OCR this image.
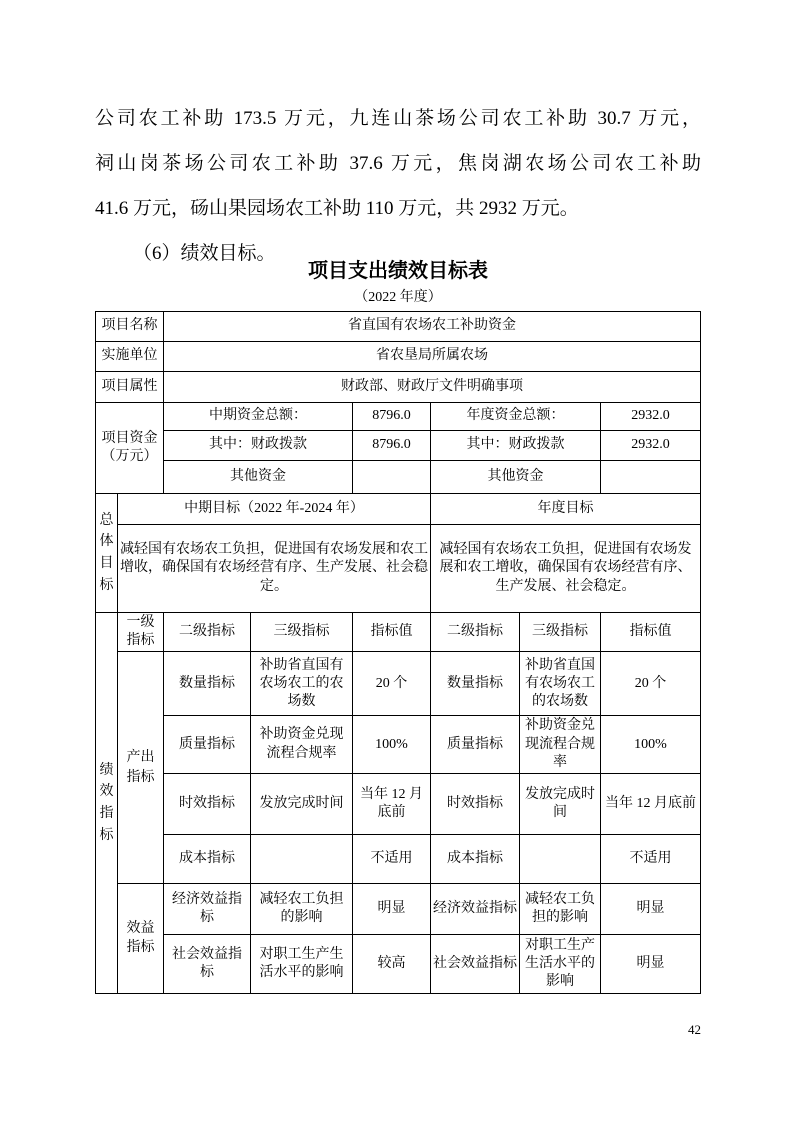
公司农工补助 173.5 万元，九连山茶场公司农工补助 30.7 万元，
祠山岗茶场公司农工补助 37.6 万元，焦岗湖农场公司农工补助
41.6 万元，砀山果园场农工补助 110 万元，共 2932 万元。
（6）绩效目标。
项目支出绩效目标表
（2022 年度）
项目名称		省直国有农场农工补助资金					
实施单位		省农垦局所属农场					
项目属性		财政部、财政厅文件明确事项					
项目资金（万元）		中期资金总额：		8796.0	年度资金总额：		2932.0
		其中：财政拨款		8796.0	其中：财政拨款		2932.0
		其他资金			其他资金		
总体目标	中期目标（2022 年-2024 年）				年度目标		
	减轻国有农场农工负担，促进国有农场发展和农工增收，确保国有农场经营有序、生产发展、社会稳定。				减轻国有农场农工负担，促进国有农场发展和农工增收，确保国有农场经营有序、生产发展、社会稳定。		
绩效指标	一级指标	二级指标	三级指标	指标值	二级指标	三级指标	指标值
	产出指标	数量指标	补助省直国有农场农工的农场数	20 个	数量指标	补助省直国有农场农工的农场数	20 个
		质量指标	补助资金兑现流程合规率	100%	质量指标	补助资金兑现流程合规率	100%
		时效指标	发放完成时间	当年 12 月底前	时效指标	发放完成时间	当年 12 月底前
		成本指标		不适用	成本指标		不适用
	效益指标	经济效益指标	减轻农工负担的影响	明显	经济效益指标	减轻农工负担的影响	明显
		社会效益指标	对职工生产生活水平的影响	较高	社会效益指标	对职工生产生活水平的影响	明显
42
